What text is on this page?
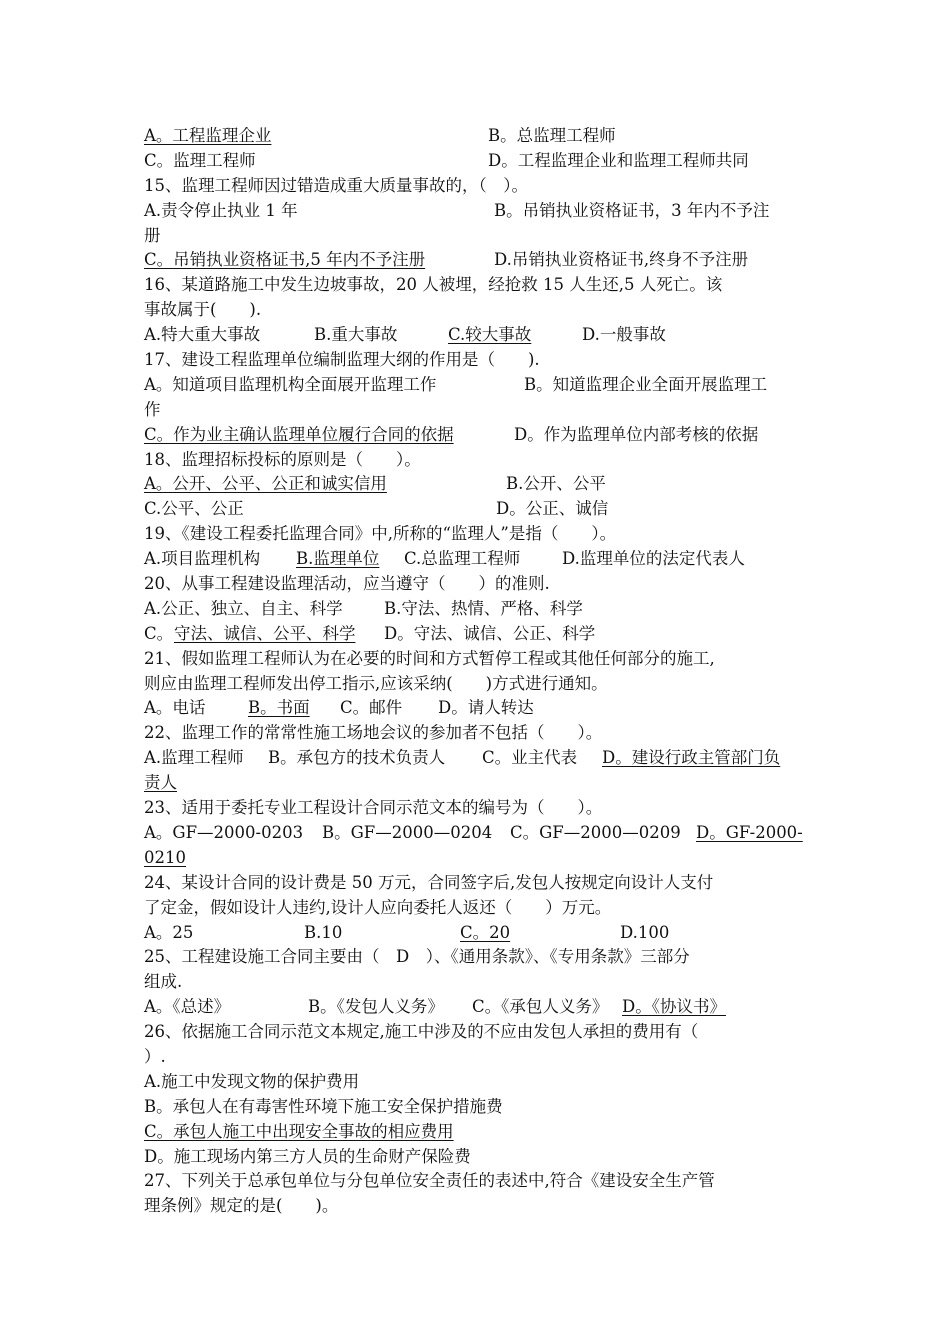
A。工程监理企业	B。总监理工程师
C。监理工程师	D。工程监理企业和监理工程师共同
15、监理工程师因过错造成重大质量事故的，（　）。
A.责令停止执业 1 年	B。吊销执业资格证书，3 年内不予注
册
C。吊销执业资格证书,5 年内不予注册	D.吊销执业资格证书,终身不予注册
16、某道路施工中发生边坡事故，20 人被埋，经抢救 15 人生还,5 人死亡。该
事故属于(　　).
A.特大重大事故	B.重大事故	C.较大事故	D.一般事故
17、建设工程监理单位编制监理大纲的作用是（　　).
A。知道项目监理机构全面展开监理工作	B。知道监理企业全面开展监理工
作
C。作为业主确认监理单位履行合同的依据	D。作为监理单位内部考核的依据
18、监理招标投标的原则是（　　）。
A。公开、公平、公正和诚实信用	B.公开、公平
C.公平、公正	D。公正、诚信
19、《建设工程委托监理合同》中,所称的“监理人”是指（　　）。
A.项目监理机构 B.监理单位 C.总监理工程师	D.监理单位的法定代表人
20、从事工程建设监理活动，应当遵守（　　）的准则.
A.公正、独立、自主、科学	B.守法、热情、严格、科学
C。 守法、诚信、公平、科学 D。守法、诚信、公正、科学
21、假如监理工程师认为在必要的时间和方式暂停工程或其他任何部分的施工,
则应由监理工程师发出停工指示,应该采纳(　　)方式进行通知。
A。电话	B。书面 C。邮件 D。请人转达
22、监理工作的常常性施工场地会议的参加者不包括（　　）。
A.监理工程师 B。承包方的技术负责人 C。业主代表 D。建设行政主管部门负
责人
23、适用于委托专业工程设计合同示范文本的编号为（　　）。
A。GF—2000-0203 B。GF—2000—0204 C。GF—2000—0209 D。GF-2000-
0210
24、某设计合同的设计费是 50 万元，合同签字后,发包人按规定向设计人支付
了定金，假如设计人违约,设计人应向委托人返还（　　）万元。
A。25	B.10	C。20	D.100
25、工程建设施工合同主要由（　D　）、《通用条款》、《专用条款》三部分
组成.
A。《总述》	B。《发包人义务》 C。《承包人义务》 D。《协议书》
26、依据施工合同示范文本规定,施工中涉及的不应由发包人承担的费用有（
）.
A.施工中发现文物的保护费用
B。承包人在有毒害性环境下施工安全保护措施费
C。承包人施工中出现安全事故的相应费用
D。施工现场内第三方人员的生命财产保险费
27、下列关于总承包单位与分包单位安全责任的表述中,符合《建设安全生产管
理条例》规定的是(　　)。
